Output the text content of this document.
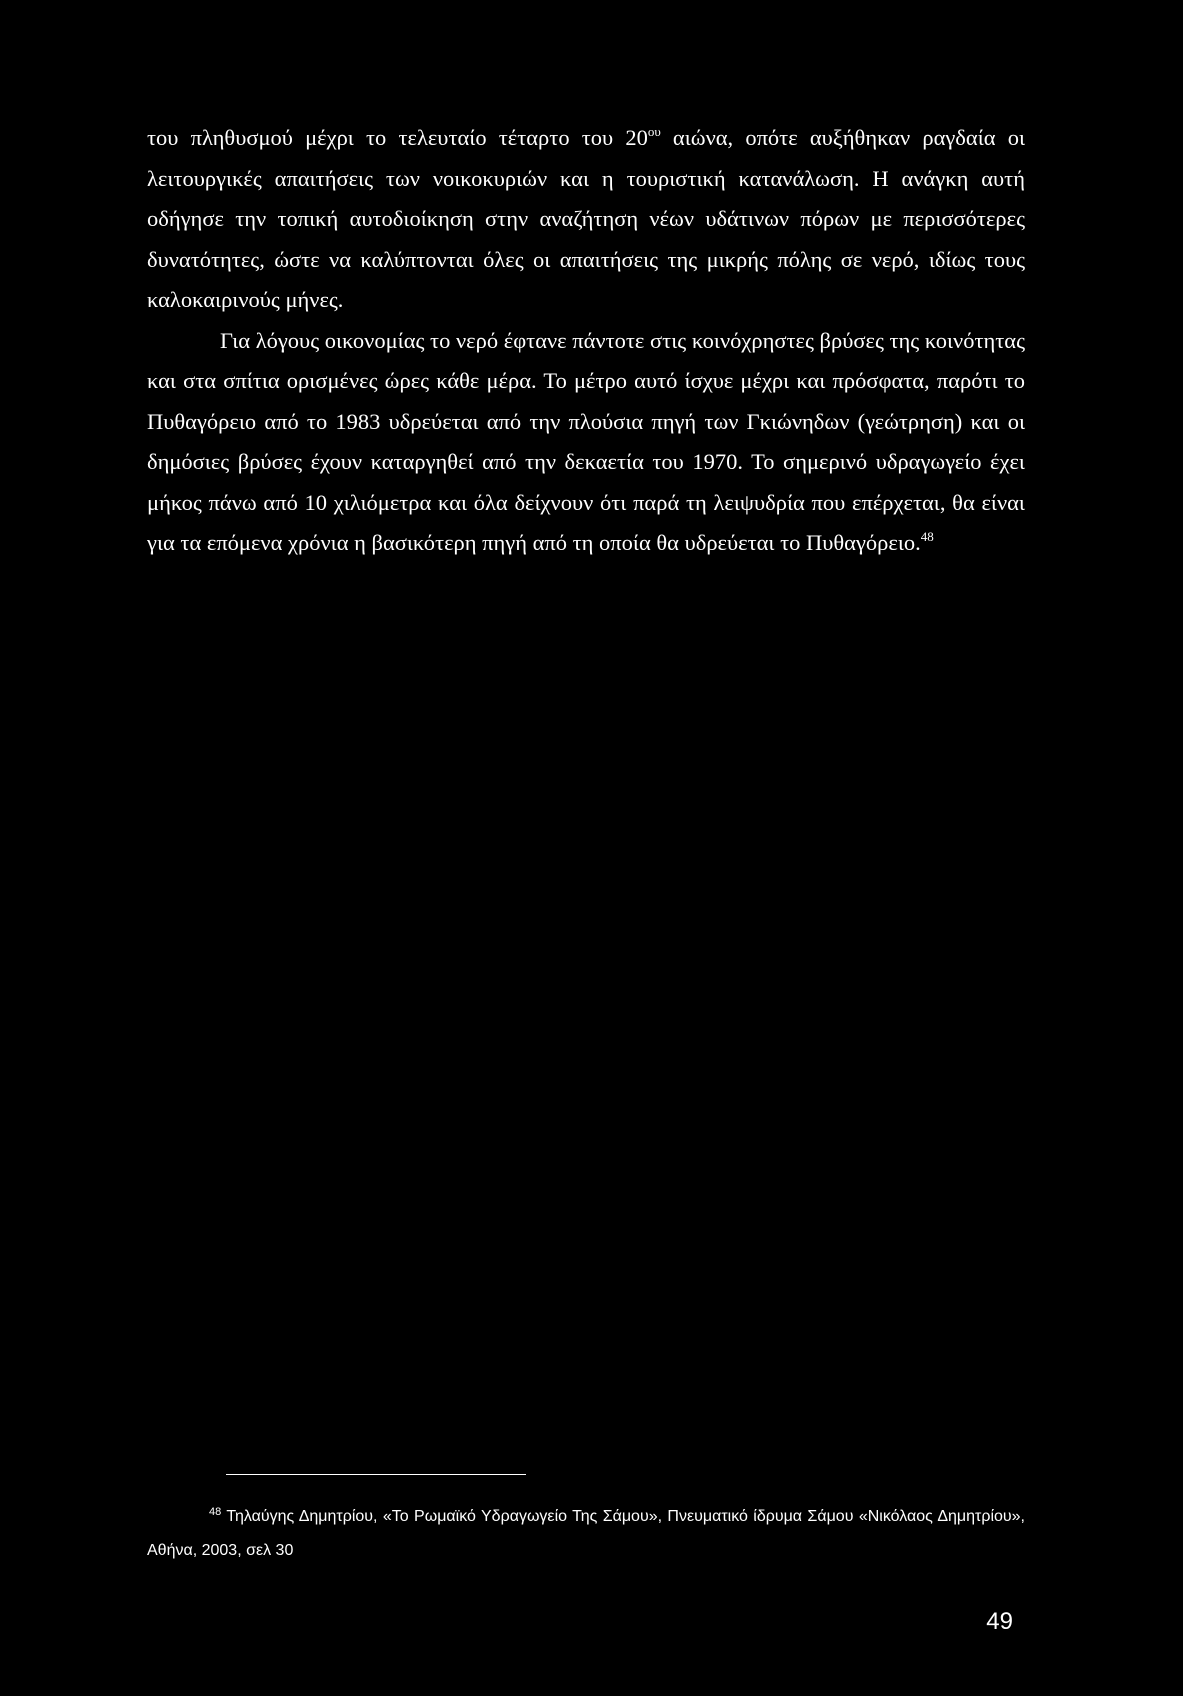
του πληθυσμού μέχρι το τελευταίο τέταρτο του $20^{o\upsilon}$ αιώνα, οπότε αυξήθηκαν ραγδαία οι λειτουργικές απαιτήσεις των νοικοκυριών και η τουριστική κατανάλωση. Η ανάγκη αυτή οδήγησε την τοπική αυτοδιοίκηση στην αναζήτηση νέων υδάτινων πόρων με περισσότερες δυνατότητες, ώστε να καλύπτονται όλες οι απαιτήσεις της μικρής πόλης σε νερό, ιδίως τους καλοκαιρινούς μήνες.

Για λόγους οικονομίας το νερό έφτανε πάντοτε στις κοινόχρηστες βρύσες της κοινότητας και στα σπίτια ορισμένες ώρες κάθε μέρα. Το μέτρο αυτό ίσχυε μέχρι και πρόσφατα, παρότι το Πυθαγόρειο από το 1983 υδρεύεται από την πλούσια πηγή των Γκιώνηδων (γεώτρηση) και οι δημόσιες βρύσες έχουν καταργηθεί από την δεκαετία του 1970. Το σημερινό υδραγωγείο έχει μήκος πάνω από 10 χιλιόμετρα και όλα δείχνουν ότι παρά τη λειψυδρία που επέρχεται, θα είναι για τα επόμενα χρόνια η βασικότερη πηγή από τη οποία θα υδρεύεται το Πυθαγόρειο.$^{48}$

$^{48}$ Τηλαύγης Δημητρίου, «Το Ρωμαϊκό Υδραγωγείο Της Σάμου», Πνευματικό ίδρυμα Σάμου «Νικόλαος Δημητρίου», Αθήνα, 2003, σελ 30

49
